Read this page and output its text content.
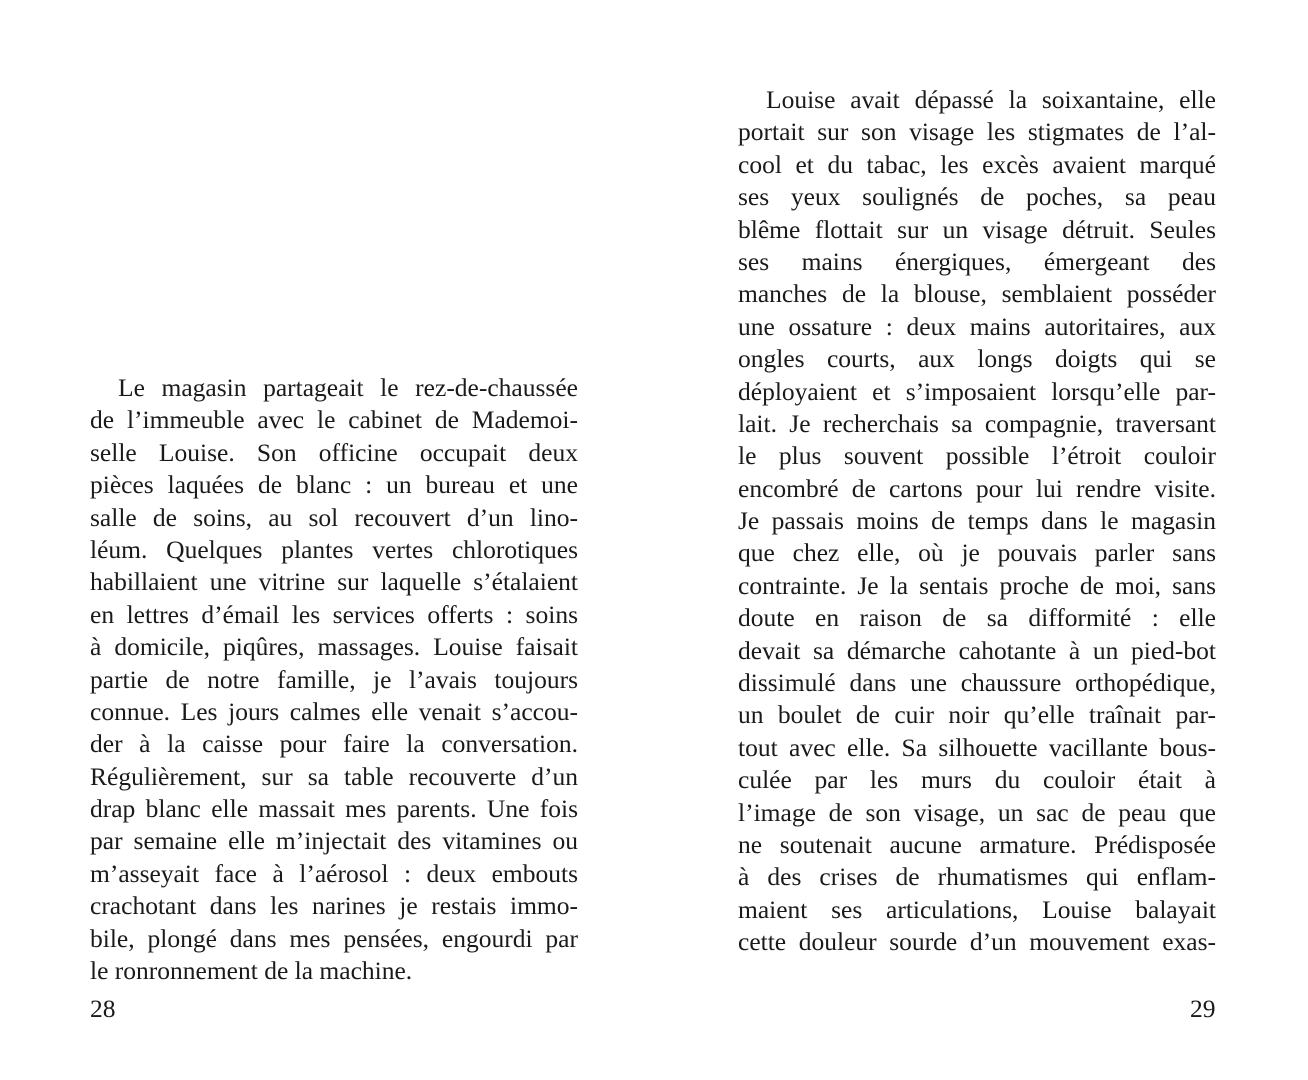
Le magasin partageait le rez-de-chaussée
de l’immeuble avec le cabinet de Mademoi-
selle Louise. Son officine occupait deux
pièces laquées de blanc : un bureau et une
salle de soins, au sol recouvert d’un lino-
léum. Quelques plantes vertes chlorotiques
habillaient une vitrine sur laquelle s’étalaient
en lettres d’émail les services offerts : soins
à domicile, piqûres, massages. Louise faisait
partie de notre famille, je l’avais toujours
connue. Les jours calmes elle venait s’accou-
der à la caisse pour faire la conversation.
Régulièrement, sur sa table recouverte d’un
drap blanc elle massait mes parents. Une fois
par semaine elle m’injectait des vitamines ou
m’asseyait face à l’aérosol : deux embouts
crachotant dans les narines je restais immo-
bile, plongé dans mes pensées, engourdi par
le ronronnement de la machine.
28
Louise avait dépassé la soixantaine, elle
portait sur son visage les stigmates de l’al-
cool et du tabac, les excès avaient marqué
ses yeux soulignés de poches, sa peau
blême flottait sur un visage détruit. Seules
ses mains énergiques, émergeant des
manches de la blouse, semblaient posséder
une ossature : deux mains autoritaires, aux
ongles courts, aux longs doigts qui se
déployaient et s’imposaient lorsqu’elle par-
lait. Je recherchais sa compagnie, traversant
le plus souvent possible l’étroit couloir
encombré de cartons pour lui rendre visite.
Je passais moins de temps dans le magasin
que chez elle, où je pouvais parler sans
contrainte. Je la sentais proche de moi, sans
doute en raison de sa difformité : elle
devait sa démarche cahotante à un pied-bot
dissimulé dans une chaussure orthopédique,
un boulet de cuir noir qu’elle traînait par-
tout avec elle. Sa silhouette vacillante bous-
culée par les murs du couloir était à
l’image de son visage, un sac de peau que
ne soutenait aucune armature. Prédisposée
à des crises de rhumatismes qui enflam-
maient ses articulations, Louise balayait
cette douleur sourde d’un mouvement exas-
29
